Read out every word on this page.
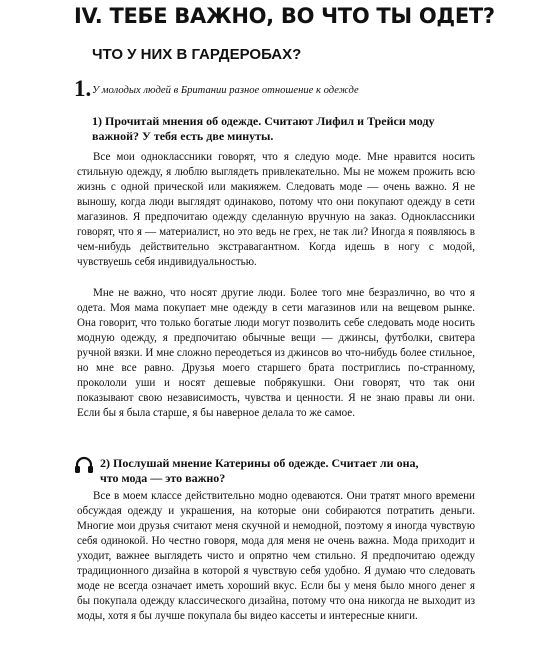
IV. ТЕБЕ ВАЖНО, ВО ЧТО ТЫ ОДЕТ?
ЧТО У НИХ В ГАРДЕРОБАХ?
1. У молодых людей в Британии разное отношение к одежде
1) Прочитай мнения об одежде. Считают Лифил и Трейси моду
важной? У тебя есть две минуты.

Все мои одноклассники говорят, что я следую моде. Мне нравится носить стильную одежду, я люблю выглядеть привлекательно. Мы не можем прожить всю жизнь с одной прической или макияжем. Следовать моде — очень важно. Я не выношу, когда люди выглядят одинаково, потому что они покупают одежду в сети магазинов. Я предпочитаю одежду сделанную вручную на заказ. Одноклассники говорят, что я — материалист, но это ведь не грех, не так ли? Иногда я появляюсь в чем-нибудь действительно экстравагантном. Когда идешь в ногу с модой, чувствуешь себя индивидуальностью.

Мне не важно, что носят другие люди. Более того мне безразлично, во что я одета. Моя мама покупает мне одежду в сети магазинов или на вещевом рынке. Она говорит, что только богатые люди могут позволить себе следовать моде носить модную одежду, я предпочитаю обычные вещи — джинсы, футболки, свитера ручной вязки. И мне сложно переодеться из джинсов во что-нибудь более стильное, но мне все равно. Друзья моего старшего брата постриглись по-странному, прокололи уши и носят дешевые побрякушки. Они говорят, что так они показывают свою независимость, чувства и ценности. Я не знаю правы ли они. Если бы я была старше, я бы наверное делала то же самое.

2) Послушай мнение Катерины об одежде. Считает ли она,
что мода — это важно?

Все в моем классе действительно модно одеваются. Они тратят много времени обсуждая одежду и украшения, на которые они собираются потратить деньги. Многие мои друзья считают меня скучной и немодной, поэтому я иногда чувствую себя одинокой. Но честно говоря, мода для меня не очень важна. Мода приходит и уходит, важнее выглядеть чисто и опрятно чем стильно. Я предпочитаю одежду традиционного дизайна в которой я чувствую себя удобно. Я думаю что следовать моде не всегда означает иметь хороший вкус. Если бы у меня было много денег я бы покупала одежду классического дизайна, потому что она никогда не выходит из моды, хотя я бы лучше покупала бы видео кассеты и интересные книги.
